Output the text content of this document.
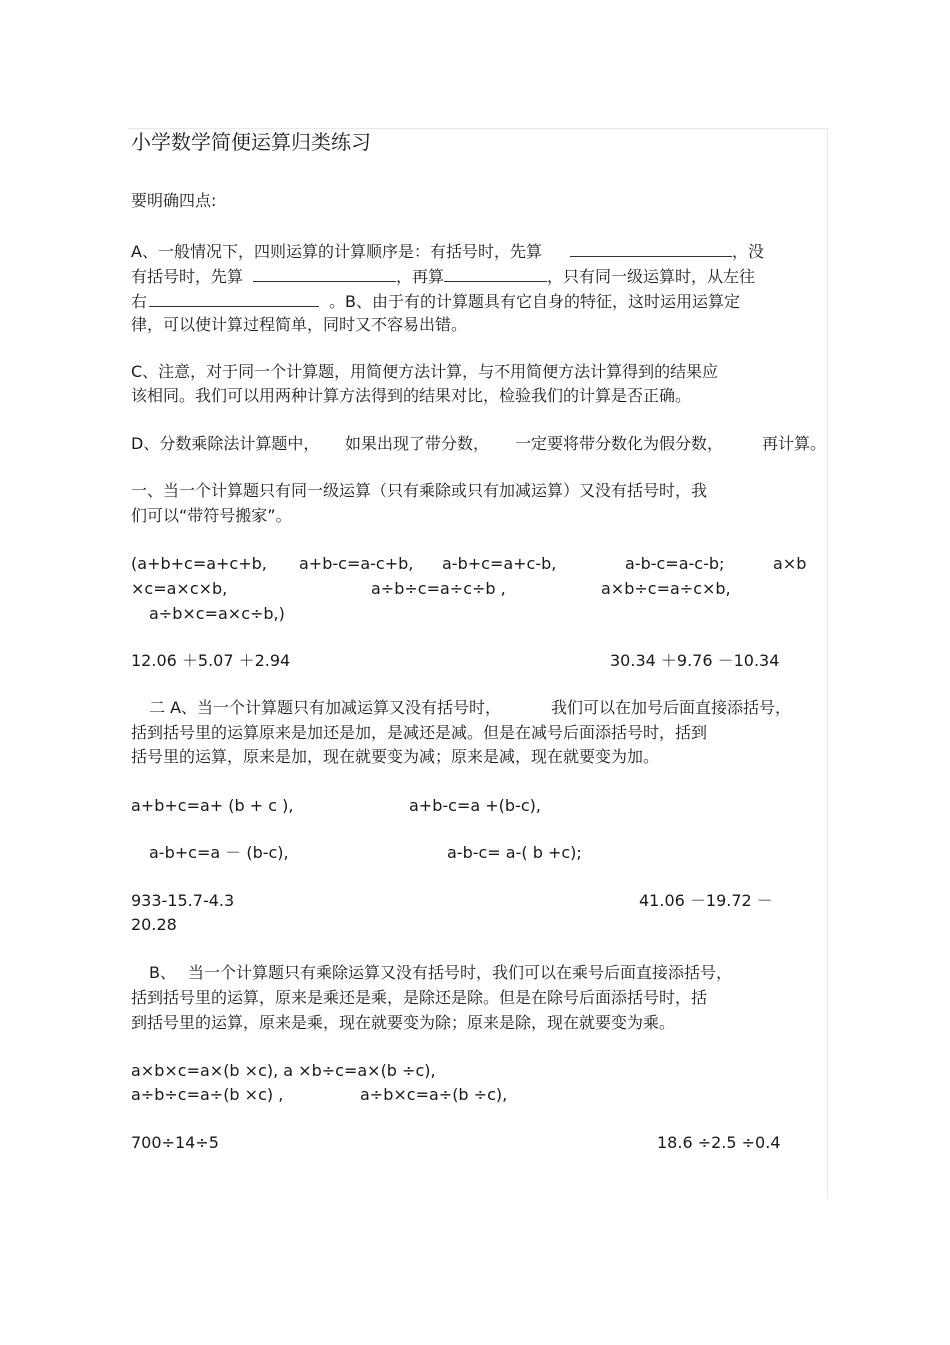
小学数学简便运算归类练习
要明确四点:
A、一般情况下，四则运算的计算顺序是：有括号时，先算	，没
有括号时，先算	，再算	，只有同一级运算时，从左往
右	。B、由于有的计算题具有它自身的特征，这时运用运算定
律，可以使计算过程简单，同时又不容易出错。
C、注意，对于同一个计算题，用简便方法计算，与不用简便方法计算得到的结果应
该相同。我们可以用两种计算方法得到的结果对比，检验我们的计算是否正确。
D、分数乘除法计算题中， 如果出现了带分数， 一定要将带分数化为假分数， 再计算。
一、当一个计算题只有同一级运算（只有乘除或只有加减运算）又没有括号时，我
们可以“带符号搬家”。
(a+b+c=a+c+b, a+b-c=a-c+b, a-b+c=a+c-b,	a-b-c=a-c-b;	a×b
×c=a×c×b,	a÷b÷c=a÷c÷b ,	a×b÷c=a÷c×b,
a÷b×c=a×c÷b,)
12.06 ＋5.07 ＋2.94	30.34 ＋9.76 －10.34
二 A、当一个计算题只有加减运算又没有括号时，	我们可以在加号后面直接添括号，
括到括号里的运算原来是加还是加，是减还是减。但是在减号后面添括号时，括到
括号里的运算，原来是加，现在就要变为减；原来是减，现在就要变为加。
a+b+c=a+ (b + c ),	a+b-c=a +(b-c),
a-b+c=a － (b-c),	a-b-c= a-( b +c);
933-15.7-4.3	41.06 －19.72 －
20.28
B、 当一个计算题只有乘除运算又没有括号时，我们可以在乘号后面直接添括号，
括到括号里的运算，原来是乘还是乘，是除还是除。但是在除号后面添括号时，括
到括号里的运算，原来是乘，现在就要变为除；原来是除，现在就要变为乘。
a×b×c=a×(b ×c), a ×b÷c=a×(b ÷c),
a÷b÷c=a÷(b ×c) ,	a÷b×c=a÷(b ÷c),
700÷14÷5	18.6 ÷2.5 ÷0.4
